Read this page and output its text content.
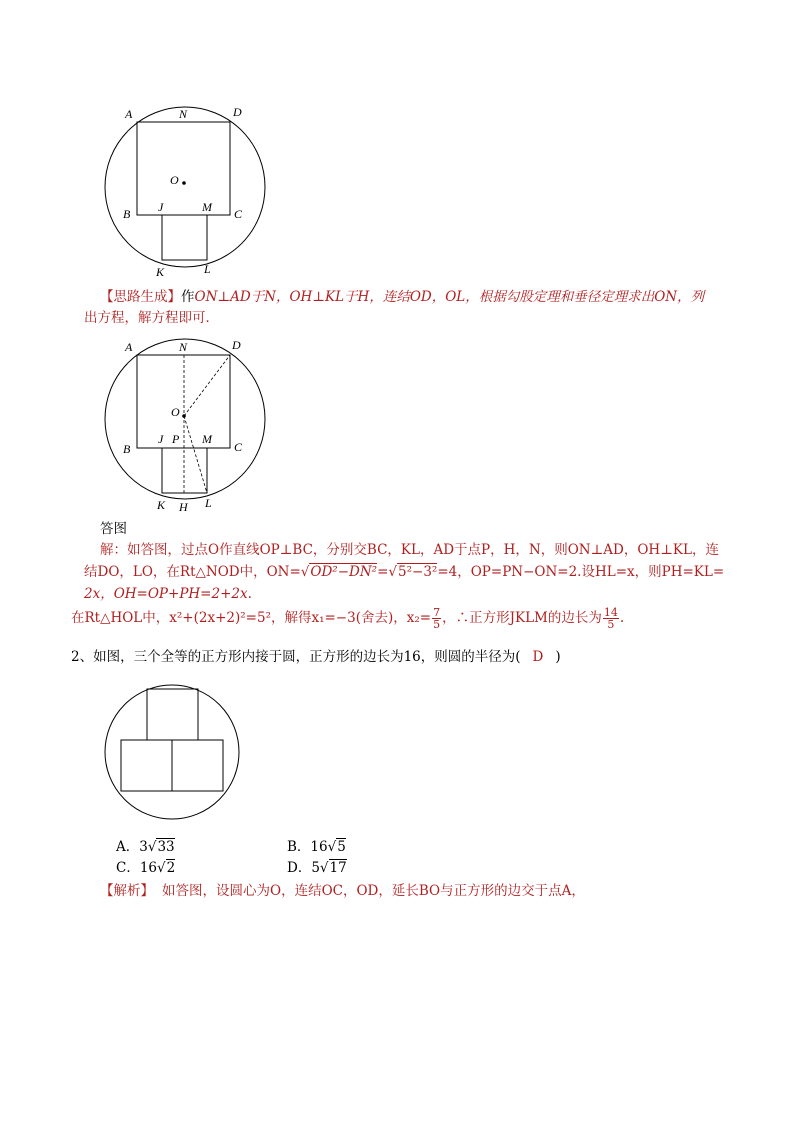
A	N	D
O
B J	M C
K	L
【思路生成】作ON⊥AD于N，OH⊥KL于H，连结OD，OL，根据勾股定理和垂径定理求出ON，列
出方程，解方程即可．
A	N	D
O
B
J P M
C
K H L
答图
解：如答图，过点O作直线OP⊥BC，分别交BC，KL，AD于点P，H，N，则ON⊥AD，OH⊥KL，连
结DO，LO，在Rt△NOD中，ON=√OD²−DN²=√5²−3²=4，OP=PN−ON=2.设HL=x，则PH=KL=
2x，OH=OP+PH=2+2x.
在Rt△HOL中，x²+(2x+2)²=5²，解得x₁=−3(舍去)，$x_2= \frac{7}{5}$ ，∴正方形JKLM的边长为 $\frac{14}{5}$ .
2、如图，三个全等的正方形内接于圆，正方形的边长为16，则圆的半径为( D )
A．3√33	B．16√5
C．16√2	D．5√17
【解析】 如答图，设圆心为O，连结OC，OD，延长BO与正方形的边交于点A，
